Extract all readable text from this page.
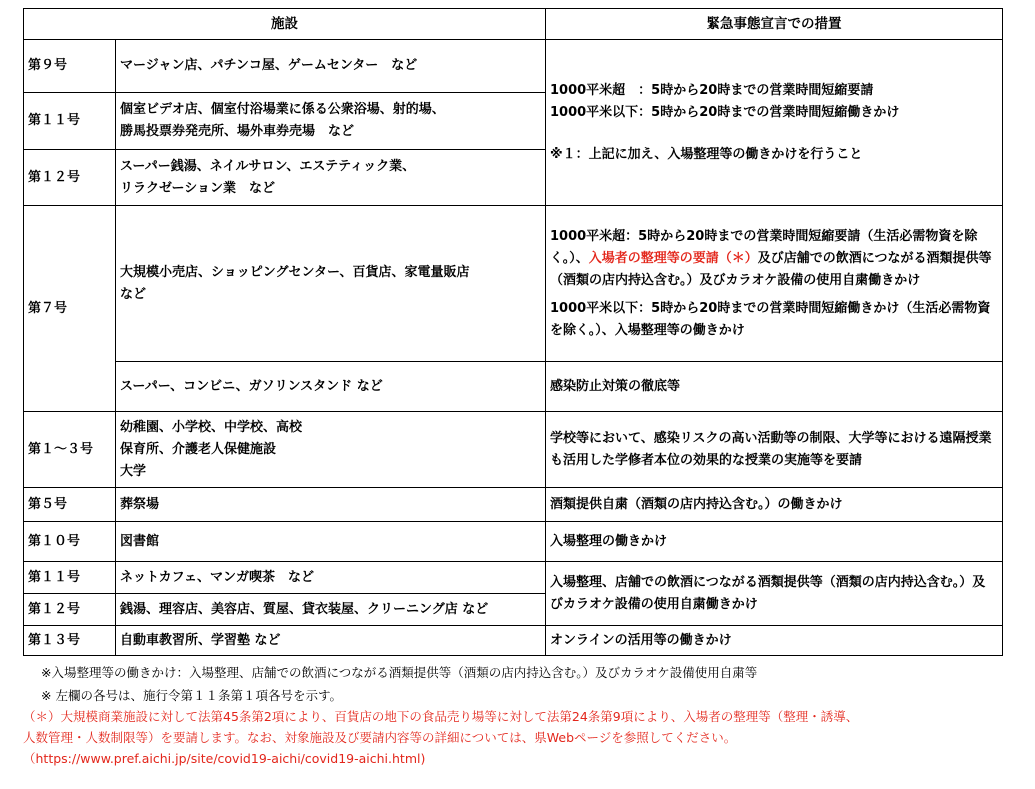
施設		緊急事態宣言での措置
第９号	マージャン店、パチンコ屋、ゲームセンター　など	1000平米超　：5時から20時までの営業時間短縮要請
1000平米以下：5時から20時までの営業時間短縮働きかけ
※１：上記に加え、入場整理等の働きかけを行うこと

第１１号	個室ビデオ店、個室付浴場業に係る公衆浴場、射的場、
勝馬投票券発売所、場外車券売場　など	

第１２号	スーパー銭湯、ネイルサロン、エステティック業、
リラクゼーション業　など	

第７号	大規模小売店、ショッピングセンター、百貨店、家電量販店
など	1000平米超：5時から20時までの営業時間短縮要請（生活必需物資を除く。）、入場者の整理等の要請（＊）及び店舗での飲酒につながる酒類提供等（酒類の店内持込含む。）及びカラオケ設備の使用自粛働きかけ
1000平米以下：5時から20時までの営業時間短縮働きかけ（生活必需物資を除く。）、入場整理等の働きかけ

	スーパー、コンビニ、ガソリンスタンド など	感染防止対策の徹底等
第１～３号	幼稚園、小学校、中学校、高校
保育所、介護老人保健施設
大学	学校等において、感染リスクの高い活動等の制限、大学等における遠隔授業も活用した学修者本位の効果的な授業の実施等を要請

第５号	葬祭場	酒類提供自粛（酒類の店内持込含む。）の働きかけ
第１０号	図書館	入場整理の働きかけ
第１１号	ネットカフェ、マンガ喫茶　など	入場整理、店舗での飲酒につながる酒類提供等（酒類の店内持込含む。）及びカラオケ設備の使用自粛働きかけ

第１２号	銭湯、理容店、美容店、質屋、貸衣装屋、クリーニング店 など	
第１３号	自動車教習所、学習塾 など	オンラインの活用等の働きかけ
※入場整理等の働きかけ：入場整理、店舗での飲酒につながる酒類提供等（酒類の店内持込含む。）及びカラオケ設備使用自粛等
※ 左欄の各号は、施行令第１１条第１項各号を示す。
（＊）大規模商業施設に対して法第45条第2項により、百貨店の地下の食品売り場等に対して法第24条第9項により、入場者の整理等（整理・誘導、
人数管理・人数制限等）を要請します。なお、対象施設及び要請内容等の詳細については、県Webページを参照してください。
（https://www.pref.aichi.jp/site/covid19-aichi/covid19-aichi.html)
